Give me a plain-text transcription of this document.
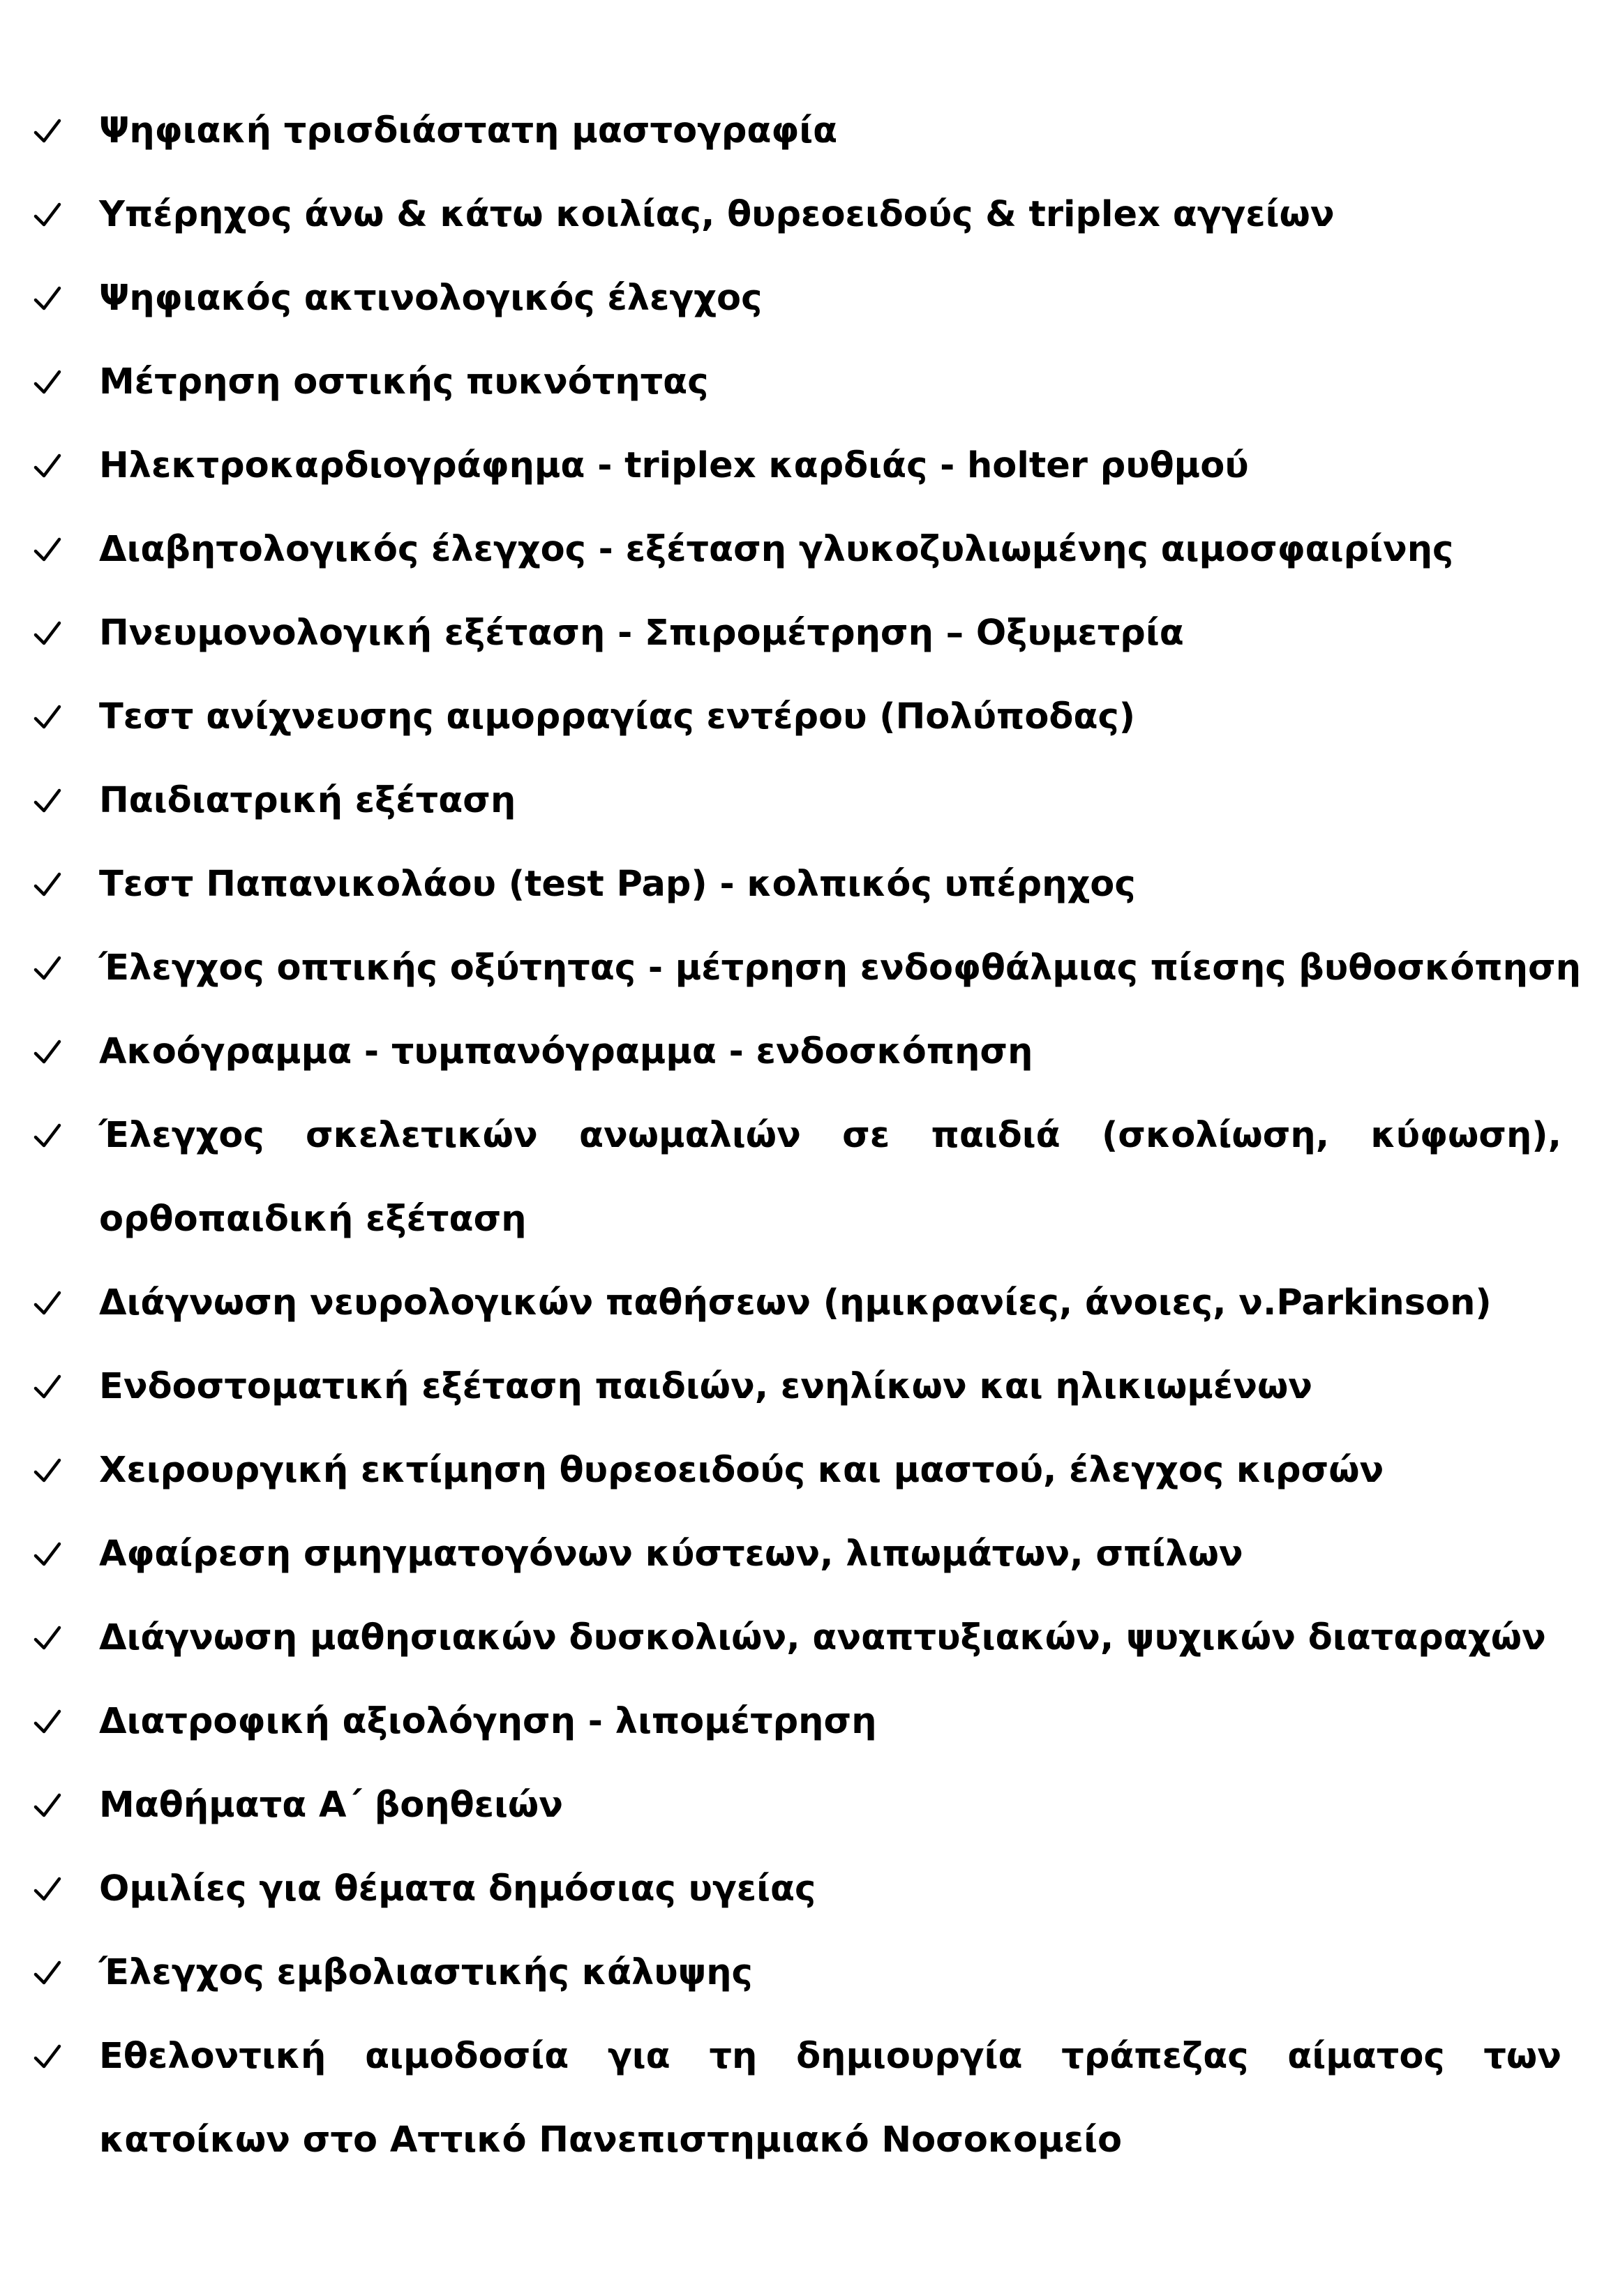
Ψηφιακή τρισδιάστατη μαστογραφία
Υπέρηχος άνω & κάτω κοιλίας, θυρεοειδούς & triplex αγγείων
Ψηφιακός ακτινολογικός έλεγχος
Μέτρηση οστικής πυκνότητας
Ηλεκτροκαρδιογράφημα - triplex καρδιάς - holter ρυθμού
Διαβητολογικός έλεγχος - εξέταση γλυκοζυλιωμένης αιμοσφαιρίνης
Πνευμονολογική εξέταση - Σπιρομέτρηση – Οξυμετρία
Τεστ ανίχνευσης αιμορραγίας εντέρου (Πολύποδας)
Παιδιατρική εξέταση
Τεστ Παπανικολάου (test Pap) - κολπικός υπέρηχος
Έλεγχος οπτικής οξύτητας - μέτρηση ενδοφθάλμιας πίεσης βυθοσκόπηση
Ακοόγραμμα - τυμπανόγραμμα - ενδοσκόπηση
Έλεγχος σκελετικών ανωμαλιών σε παιδιά (σκολίωση, κύφωση), ορθοπαιδική εξέταση
Διάγνωση νευρολογικών παθήσεων (ημικρανίες, άνοιες, ν.Parkinson)
Ενδοστοματική εξέταση παιδιών, ενηλίκων και ηλικιωμένων
Χειρουργική εκτίμηση θυρεοειδούς και μαστού, έλεγχος κιρσών
Αφαίρεση σμηγματογόνων κύστεων, λιπωμάτων, σπίλων
Διάγνωση μαθησιακών δυσκολιών, αναπτυξιακών, ψυχικών διαταραχών
Διατροφική αξιολόγηση - λιπομέτρηση
Μαθήματα Α΄ βοηθειών
Ομιλίες για θέματα δημόσιας υγείας
Έλεγχος εμβολιαστικής κάλυψης
Εθελοντική αιμοδοσία για τη δημιουργία τράπεζας αίματος των κατοίκων στο Αττικό Πανεπιστημιακό Νοσοκομείο
